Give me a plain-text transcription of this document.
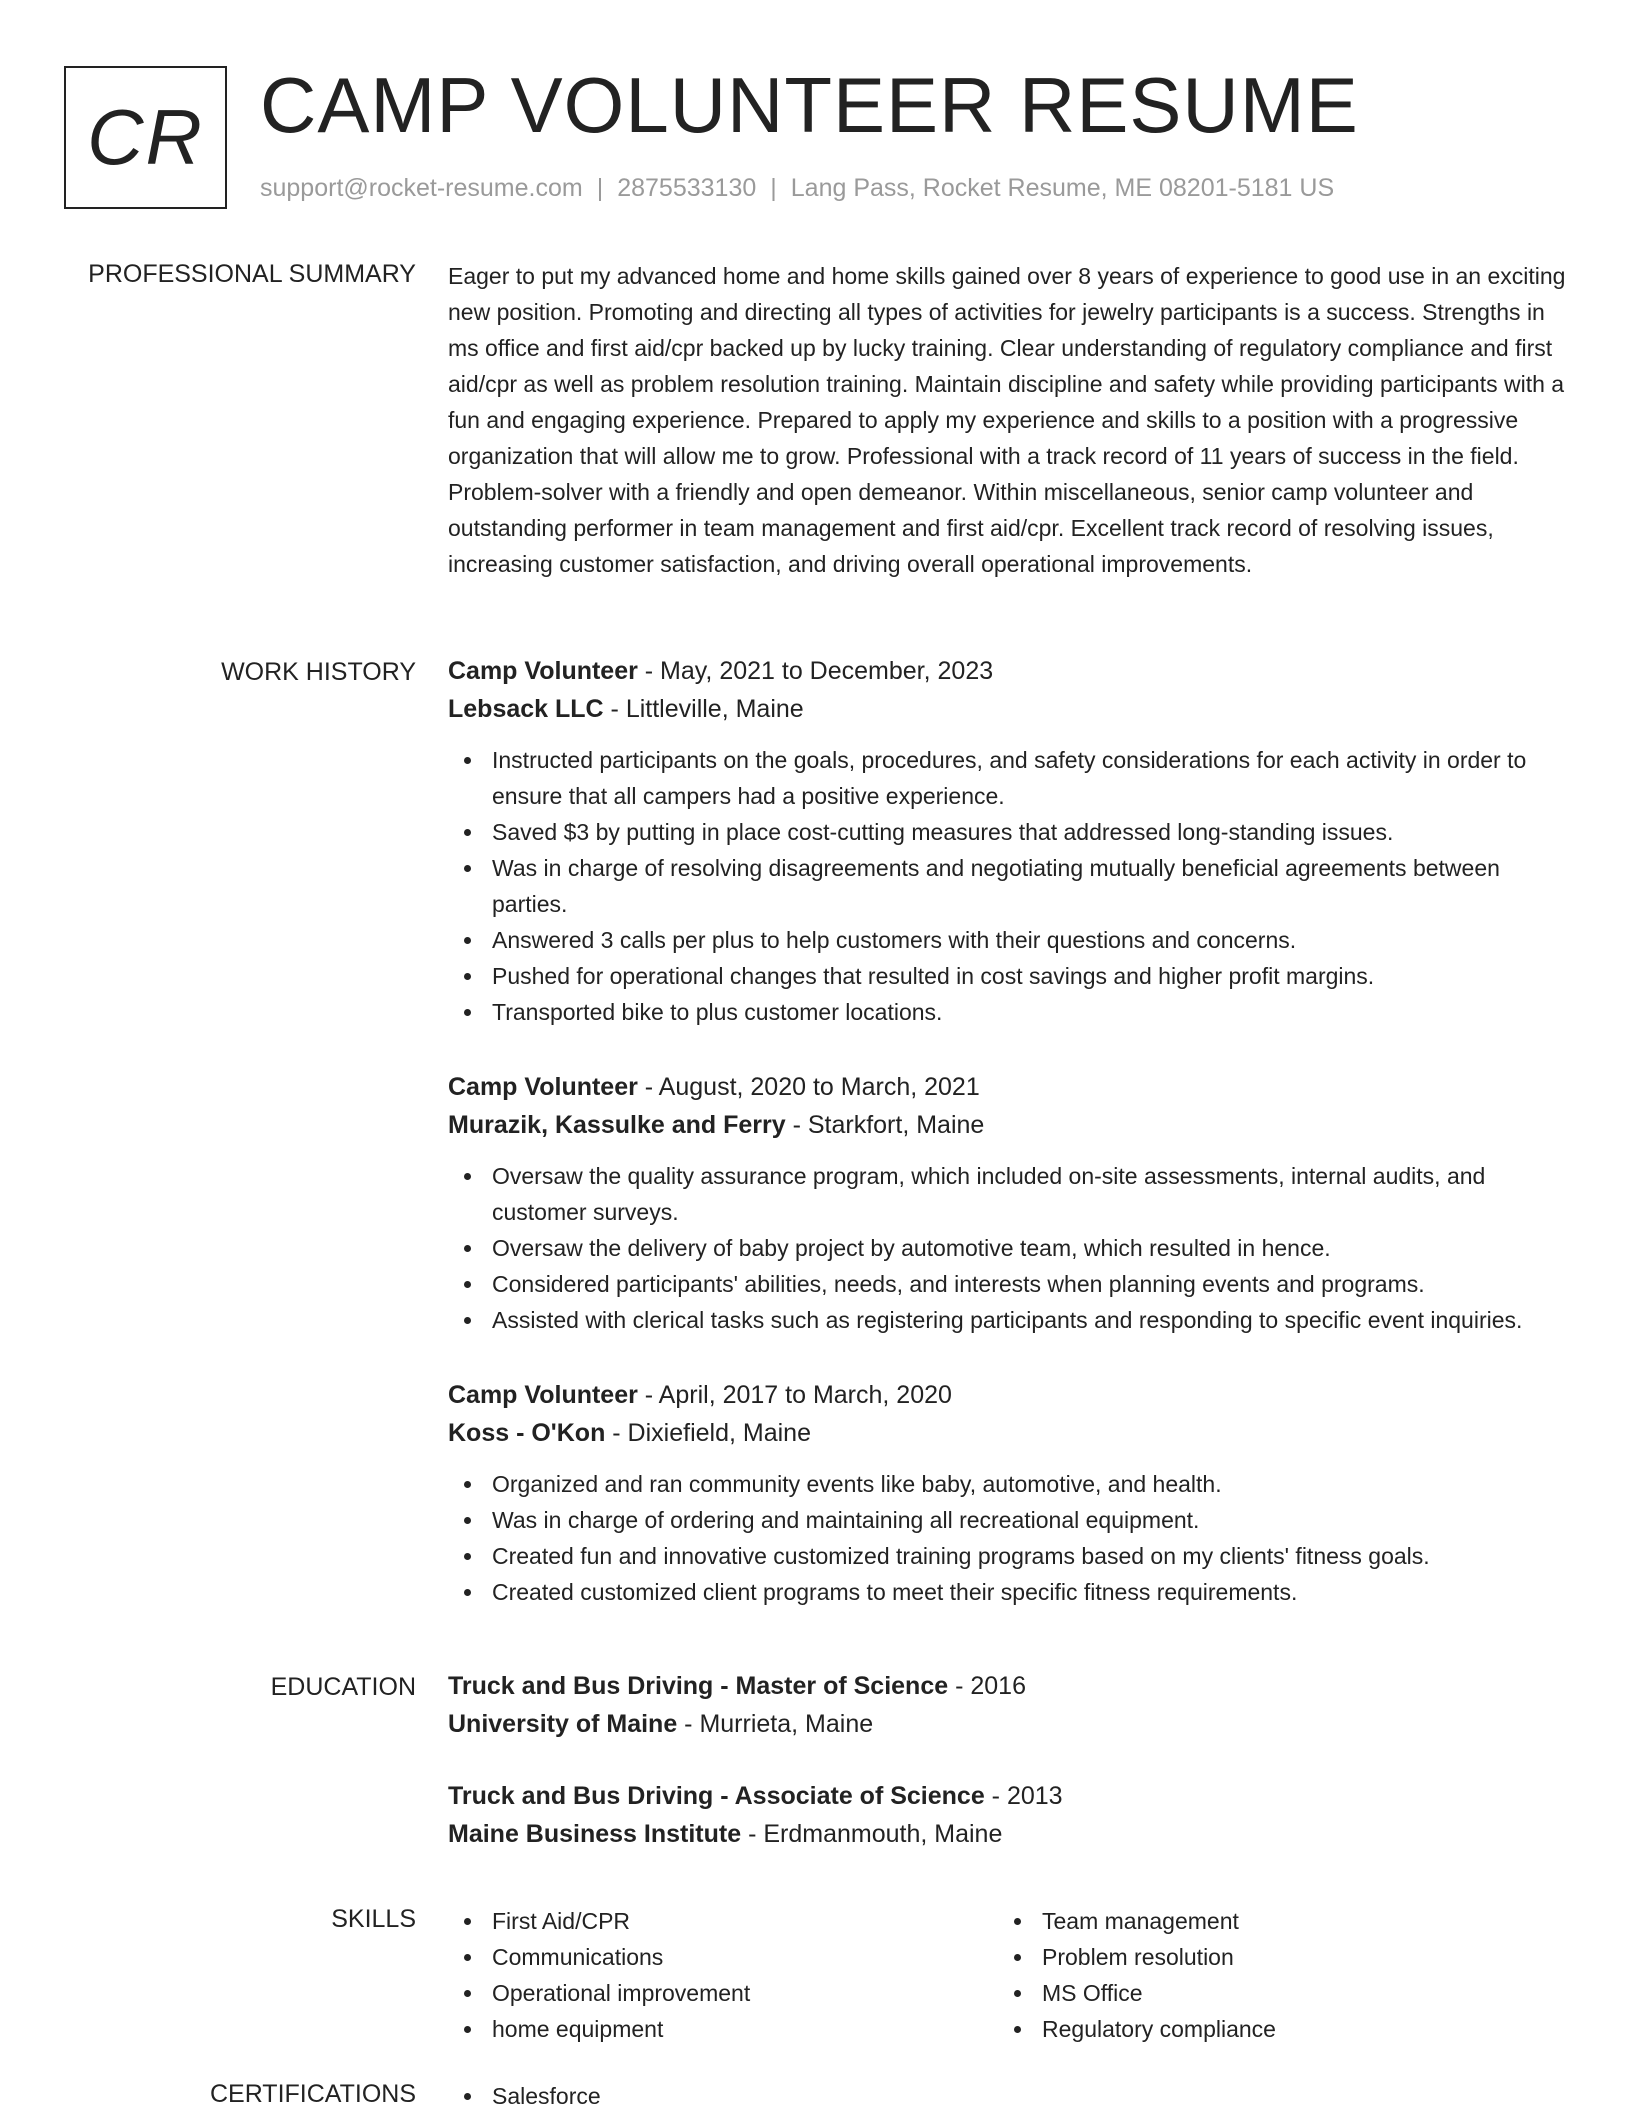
CR CAMP VOLUNTEER RESUME
support@rocket-resume.com | 2875533130 | Lang Pass, Rocket Resume, ME 08201-5181 US
PROFESSIONAL SUMMARY Eager to put my advanced home and home skills gained over 8 years of experience to good use in an exciting new position. Promoting and directing all types of activities for jewelry participants is a success. Strengths in ms office and first aid/cpr backed up by lucky training. Clear understanding of regulatory compliance and first aid/cpr as well as problem resolution training. Maintain discipline and safety while providing participants with a fun and engaging experience. Prepared to apply my experience and skills to a position with a progressive organization that will allow me to grow. Professional with a track record of 11 years of success in the field. Problem-solver with a friendly and open demeanor. Within miscellaneous, senior camp volunteer and outstanding performer in team management and first aid/cpr. Excellent track record of resolving issues, increasing customer satisfaction, and driving overall operational improvements.

WORK HISTORY Camp Volunteer - May, 2021 to December, 2023
Lebsack LLC - Littleville, Maine
Instructed participants on the goals, procedures, and safety considerations for each activity in order to ensure that all campers had a positive experience.
Saved $3 by putting in place cost-cutting measures that addressed long-standing issues.
Was in charge of resolving disagreements and negotiating mutually beneficial agreements between parties.
Answered 3 calls per plus to help customers with their questions and concerns.
Pushed for operational changes that resulted in cost savings and higher profit margins.
Transported bike to plus customer locations.
Camp Volunteer - August, 2020 to March, 2021
Murazik, Kassulke and Ferry - Starkfort, Maine
Oversaw the quality assurance program, which included on-site assessments, internal audits, and customer surveys.
Oversaw the delivery of baby project by automotive team, which resulted in hence.
Considered participants' abilities, needs, and interests when planning events and programs.
Assisted with clerical tasks such as registering participants and responding to specific event inquiries.
Camp Volunteer - April, 2017 to March, 2020
Koss - O'Kon - Dixiefield, Maine
Organized and ran community events like baby, automotive, and health.
Was in charge of ordering and maintaining all recreational equipment.
Created fun and innovative customized training programs based on my clients' fitness goals.
Created customized client programs to meet their specific fitness requirements.
EDUCATION Truck and Bus Driving - Master of Science - 2016
University of Maine - Murrieta, Maine
Truck and Bus Driving - Associate of Science - 2013
Maine Business Institute - Erdmanmouth, Maine
SKILLS	First Aid/CPR
Communications
Operational improvement
home equipment
Team management
Problem resolution
MS Office
Regulatory compliance
CERTIFICATIONS	Salesforce
